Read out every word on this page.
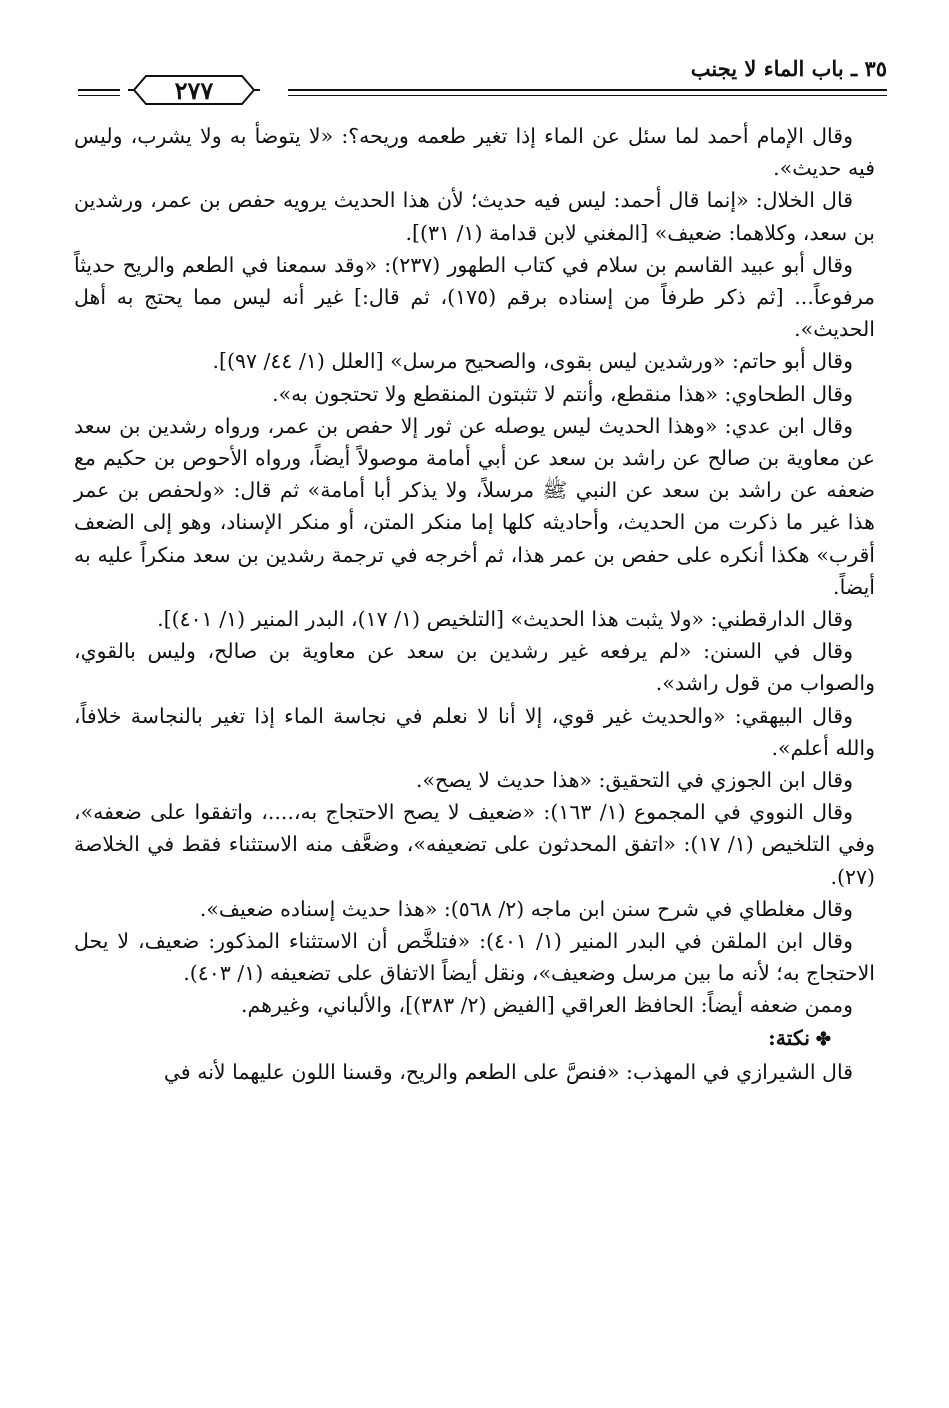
٣٥ ـ باب الماء لا يجنب
٢٧٧

وقال الإمام أحمد لما سئل عن الماء إذا تغير طعمه وريحه؟: «لا يتوضأ به ولا يشرب، وليس فيه حديث».

قال الخلال: «إنما قال أحمد: ليس فيه حديث؛ لأن هذا الحديث يرويه حفص بن عمر، ورشدين بن سعد، وكلاهما: ضعيف» [المغني لابن قدامة (١/ ٣١)].

وقال أبو عبيد القاسم بن سلام في كتاب الطهور (٢٣٧): «وقد سمعنا في الطعم والريح حديثاً مرفوعاً... [ثم ذكر طرفاً من إسناده برقم (١٧٥)، ثم قال:] غير أنه ليس مما يحتج به أهل الحديث».

وقال أبو حاتم: «ورشدين ليس بقوى، والصحيح مرسل» [العلل (١/ ٤٤/ ٩٧)].

وقال الطحاوي: «هذا منقطع، وأنتم لا تثبتون المنقطع ولا تحتجون به».

وقال ابن عدي: «وهذا الحديث ليس يوصله عن ثور إلا حفص بن عمر، ورواه رشدين بن سعد عن معاوية بن صالح عن راشد بن سعد عن أبي أمامة موصولاً أيضاً، ورواه الأحوص بن حكيم مع ضعفه عن راشد بن سعد عن النبي ﷺ مرسلاً، ولا يذكر أبا أمامة» ثم قال: «ولحفص بن عمر هذا غير ما ذكرت من الحديث، وأحاديثه كلها إما منكر المتن، أو منكر الإسناد، وهو إلى الضعف أقرب» هكذا أنكره على حفص بن عمر هذا، ثم أخرجه في ترجمة رشدين بن سعد منكراً عليه به أيضاً.

وقال الدارقطني: «ولا يثبت هذا الحديث» [التلخيص (١/ ١٧)، البدر المنير (١/ ٤٠١)].

وقال في السنن: «لم يرفعه غير رشدين بن سعد عن معاوية بن صالح، وليس بالقوي، والصواب من قول راشد».

وقال البيهقي: «والحديث غير قوي، إلا أنا لا نعلم في نجاسة الماء إذا تغير بالنجاسة خلافاً، والله أعلم».

وقال ابن الجوزي في التحقيق: «هذا حديث لا يصح».

وقال النووي في المجموع (١/ ١٦٣): «ضعيف لا يصح الاحتجاج به،....، واتفقوا على ضعفه»، وفي التلخيص (١/ ١٧): «اتفق المحدثون على تضعيفه»، وضعَّف منه الاستثناء فقط في الخلاصة (٢٧).

وقال مغلطاي في شرح سنن ابن ماجه (٢/ ٥٦٨): «هذا حديث إسناده ضعيف».

وقال ابن الملقن في البدر المنير (١/ ٤٠١): «فتلخَّص أن الاستثناء المذكور: ضعيف، لا يحل الاحتجاج به؛ لأنه ما بين مرسل وضعيف»، ونقل أيضاً الاتفاق على تضعيفه (١/ ٤٠٣).

وممن ضعفه أيضاً: الحافظ العراقي [الفيض (٢/ ٣٨٣)]، والألباني، وغيرهم.

✤نكتة:

قال الشيرازي في المهذب: «فنصَّ على الطعم والريح، وقسنا اللون عليهما لأنه في
